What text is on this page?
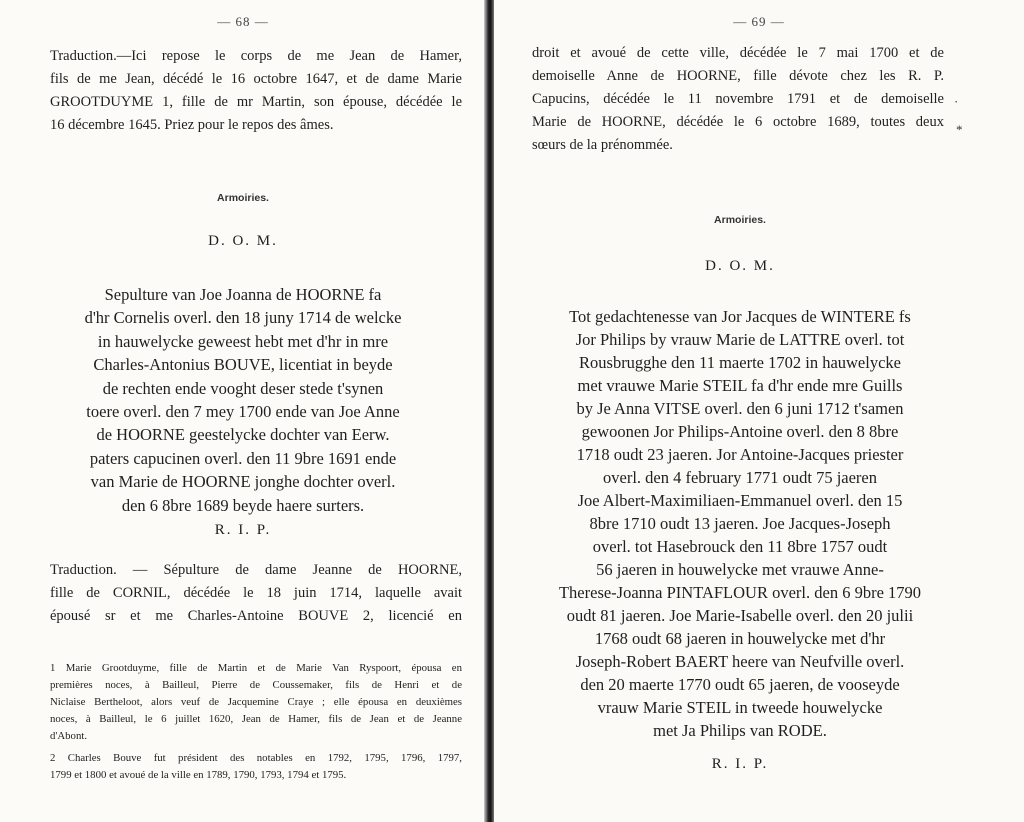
— 68 —
Traduction.—Ici repose le corps de me Jean de Hamer,
fils de me Jean, décédé le 16 octobre 1647, et de dame Marie
GROOTDUYME 1, fille de mr Martin, son épouse, décédée le
16 décembre 1645. Priez pour le repos des âmes.
Armoiries.
D. O. M.
Sepulture van Joe Joanna de HOORNE fa
d'hr Cornelis overl. den 18 juny 1714 de welcke
in hauwelycke geweest hebt met d'hr in mre
Charles-Antonius BOUVE, licentiat in beyde
de rechten ende vooght deser stede t'synen
toere overl. den 7 mey 1700 ende van Joe Anne
de HOORNE geestelycke dochter van Eerw.
paters capucinen overl. den 11 9bre 1691 ende
van Marie de HOORNE jonghe dochter overl.
den 6 8bre 1689 beyde haere surters.
R. I. P.
Traduction. — Sépulture de dame Jeanne de HOORNE,
fille de CORNIL, décédée le 18 juin 1714, laquelle avait
épousé sr et me Charles-Antoine BOUVE 2, licencié en
1 Marie Grootduyme, fille de Martin et de Marie Van Ryspoort, épousa en
premières noces, à Bailleul, Pierre de Coussemaker, fils de Henri et de
Niclaise Bertheloot, alors veuf de Jacquemine Craye ; elle épousa en deuxièmes
noces, à Bailleul, le 6 juillet 1620, Jean de Hamer, fils de Jean et de Jeanne
d'Abont.
2 Charles Bouve fut président des notables en 1792, 1795, 1796, 1797,
1799 et 1800 et avoué de la ville en 1789, 1790, 1793, 1794 et 1795.
— 69 —
droit et avoué de cette ville, décédée le 7 mai 1700 et de
demoiselle Anne de HOORNE, fille dévote chez les R. P.
Capucins, décédée le 11 novembre 1791 et de demoiselle
Marie de HOORNE, décédée le 6 octobre 1689, toutes deux
sœurs de la prénommée.
·
*
Armoiries.
D. O. M.
Tot gedachtenesse van Jor Jacques de WINTERE fs
Jor Philips by vrauw Marie de LATTRE overl. tot
Rousbrugghe den 11 maerte 1702 in hauwelycke
met vrauwe Marie STEIL fa d'hr ende mre Guills
by Je Anna VITSE overl. den 6 juni 1712 t'samen
gewoonen Jor Philips-Antoine overl. den 8 8bre
1718 oudt 23 jaeren. Jor Antoine-Jacques priester
overl. den 4 february 1771 oudt 75 jaeren
Joe Albert-Maximiliaen-Emmanuel overl. den 15
8bre 1710 oudt 13 jaeren. Joe Jacques-Joseph
overl. tot Hasebrouck den 11 8bre 1757 oudt
56 jaeren in houwelycke met vrauwe Anne-
Therese-Joanna PINTAFLOUR overl. den 6 9bre 1790
oudt 81 jaeren. Joe Marie-Isabelle overl. den 20 julii
1768 oudt 68 jaeren in houwelycke met d'hr
Joseph-Robert BAERT heere van Neufville overl.
den 20 maerte 1770 oudt 65 jaeren, de vooseyde
vrauw Marie STEIL in tweede houwelycke
met Ja Philips van RODE.
R. I. P.
